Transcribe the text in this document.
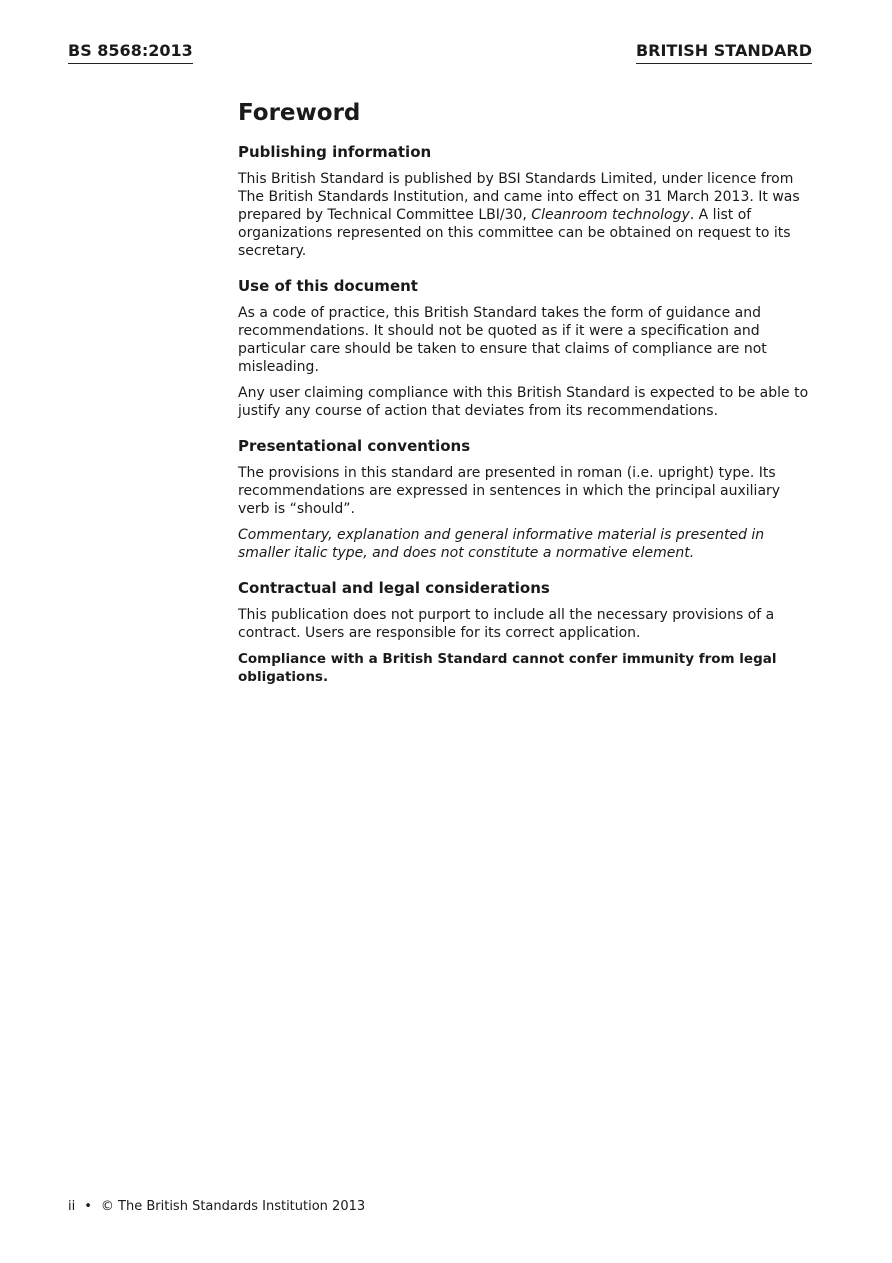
BS 8568:2013	BRITISH STANDARD
Foreword
Publishing information

This British Standard is published by BSI Standards Limited, under licence from The British Standards Institution, and came into effect on 31 March 2013. It was prepared by Technical Committee LBI/30, Cleanroom technology. A list of organizations represented on this committee can be obtained on request to its secretary.

Use of this document

As a code of practice, this British Standard takes the form of guidance and recommendations. It should not be quoted as if it were a specification and particular care should be taken to ensure that claims of compliance are not misleading.

Any user claiming compliance with this British Standard is expected to be able to justify any course of action that deviates from its recommendations.

Presentational conventions

The provisions in this standard are presented in roman (i.e. upright) type. Its recommendations are expressed in sentences in which the principal auxiliary verb is “should”.

Commentary, explanation and general informative material is presented in smaller italic type, and does not constitute a normative element.

Contractual and legal considerations

This publication does not purport to include all the necessary provisions of a contract. Users are responsible for its correct application.

Compliance with a British Standard cannot confer immunity from legal obligations.

ii • © The British Standards Institution 2013
